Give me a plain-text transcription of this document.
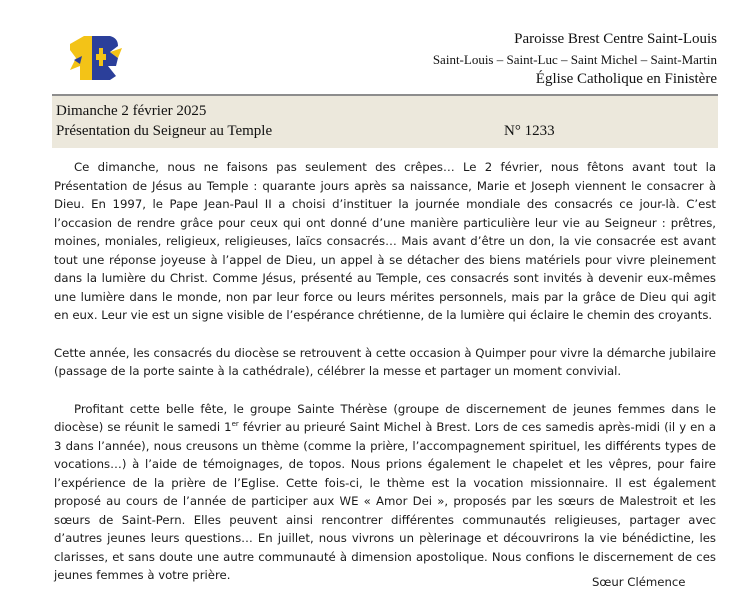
Paroisse Brest Centre Saint-Louis
Saint-Louis – Saint-Luc – Saint Michel – Saint-Martin
Église Catholique en Finistère
Dimanche 2 février 2025
Présentation du Seigneur au Temple	N° 1233

Ce dimanche, nous ne faisons pas seulement des crêpes… Le 2 février, nous fêtons avant tout la Présentation de Jésus au Temple : quarante jours après sa naissance, Marie et Joseph viennent le consacrer à Dieu. En 1997, le Pape Jean-Paul II a choisi d’instituer la journée mondiale des consacrés ce jour-là. C’est l’occasion de rendre grâce pour ceux qui ont donné d’une manière particulière leur vie au Seigneur : prêtres, moines, moniales, religieux, religieuses, laïcs consacrés… Mais avant d’être un don, la vie consacrée est avant tout une réponse joyeuse à l’appel de Dieu, un appel à se détacher des biens matériels pour vivre pleinement dans la lumière du Christ. Comme Jésus, présenté au Temple, ces consacrés sont invités à devenir eux-mêmes une lumière dans le monde, non par leur force ou leurs mérites personnels, mais par la grâce de Dieu qui agit en eux. Leur vie est un signe visible de l’espérance chrétienne, de la lumière qui éclaire le chemin des croyants.

Cette année, les consacrés du diocèse se retrouvent à cette occasion à Quimper pour vivre la démarche jubilaire (passage de la porte sainte à la cathédrale), célébrer la messe et partager un moment convivial.

Profitant cette belle fête, le groupe Sainte Thérèse (groupe de discernement de jeunes femmes dans le diocèse) se réunit le samedi 1er février au prieuré Saint Michel à Brest. Lors de ces samedis après-midi (il y en a 3 dans l’année), nous creusons un thème (comme la prière, l’accompagnement spirituel, les différents types de vocations…) à l’aide de témoignages, de topos. Nous prions également le chapelet et les vêpres, pour faire l’expérience de la prière de l’Eglise. Cette fois-ci, le thème est la vocation missionnaire. Il est également proposé au cours de l’année de participer aux WE « Amor Dei », proposés par les sœurs de Malestroit et les sœurs de Saint-Pern. Elles peuvent ainsi rencontrer différentes communautés religieuses, partager avec d’autres jeunes leurs questions… En juillet, nous vivrons un pèlerinage et découvrirons la vie bénédictine, les clarisses, et sans doute une autre communauté à dimension apostolique. Nous confions le discernement de ces jeunes femmes à votre prière.	Sœur Clémence
